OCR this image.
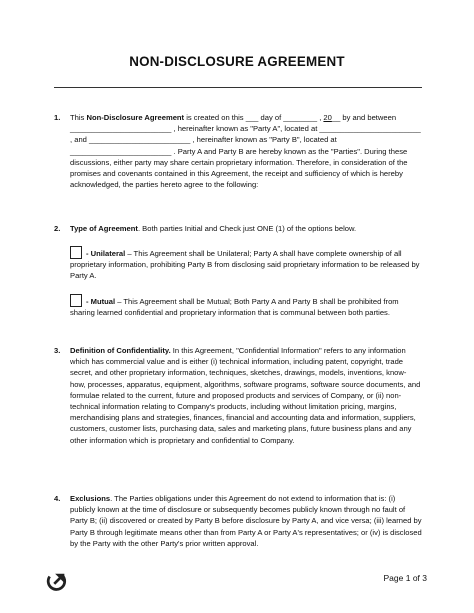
NON-DISCLOSURE AGREEMENT
1. This Non-Disclosure Agreement is created on this ___ day of ________ , 20__ by and between ________________________ , hereinafter known as "Party A", located at ________________________ , and ________________________ , hereinafter known as "Party B", located at ________________________ . Party A and Party B are hereby known as the "Parties". During these discussions, either party may share certain proprietary information. Therefore, in consideration of the promises and covenants contained in this Agreement, the receipt and sufficiency of which is hereby acknowledged, the parties hereto agree to the following:
2. Type of Agreement. Both parties Initial and Check just ONE (1) of the options below.
- Unilateral – This Agreement shall be Unilateral; Party A shall have complete ownership of all proprietary information, prohibiting Party B from disclosing said proprietary information to be released by Party A.
- Mutual – This Agreement shall be Mutual; Both Party A and Party B shall be prohibited from sharing learned confidential and proprietary information that is communal between both parties.
3. Definition of Confidentiality. In this Agreement, "Confidential Information" refers to any information which has commercial value and is either (i) technical information, including patent, copyright, trade secret, and other proprietary information, techniques, sketches, drawings, models, inventions, know-how, processes, apparatus, equipment, algorithms, software programs, software source documents, and formulae related to the current, future and proposed products and services of Company, or (ii) non-technical information relating to Company's products, including without limitation pricing, margins, merchandising plans and strategies, finances, financial and accounting data and information, suppliers, customers, customer lists, purchasing data, sales and marketing plans, future business plans and any other information which is proprietary and confidential to Company.
4. Exclusions. The Parties obligations under this Agreement do not extend to information that is: (i) publicly known at the time of disclosure or subsequently becomes publicly known through no fault of Party B; (ii) discovered or created by Party B before disclosure by Party A, and vice versa; (iii) learned by Party B through legitimate means other than from Party A or Party A's representatives; or (iv) is disclosed by the Party with the other Party's prior written approval.
Page 1 of 3
